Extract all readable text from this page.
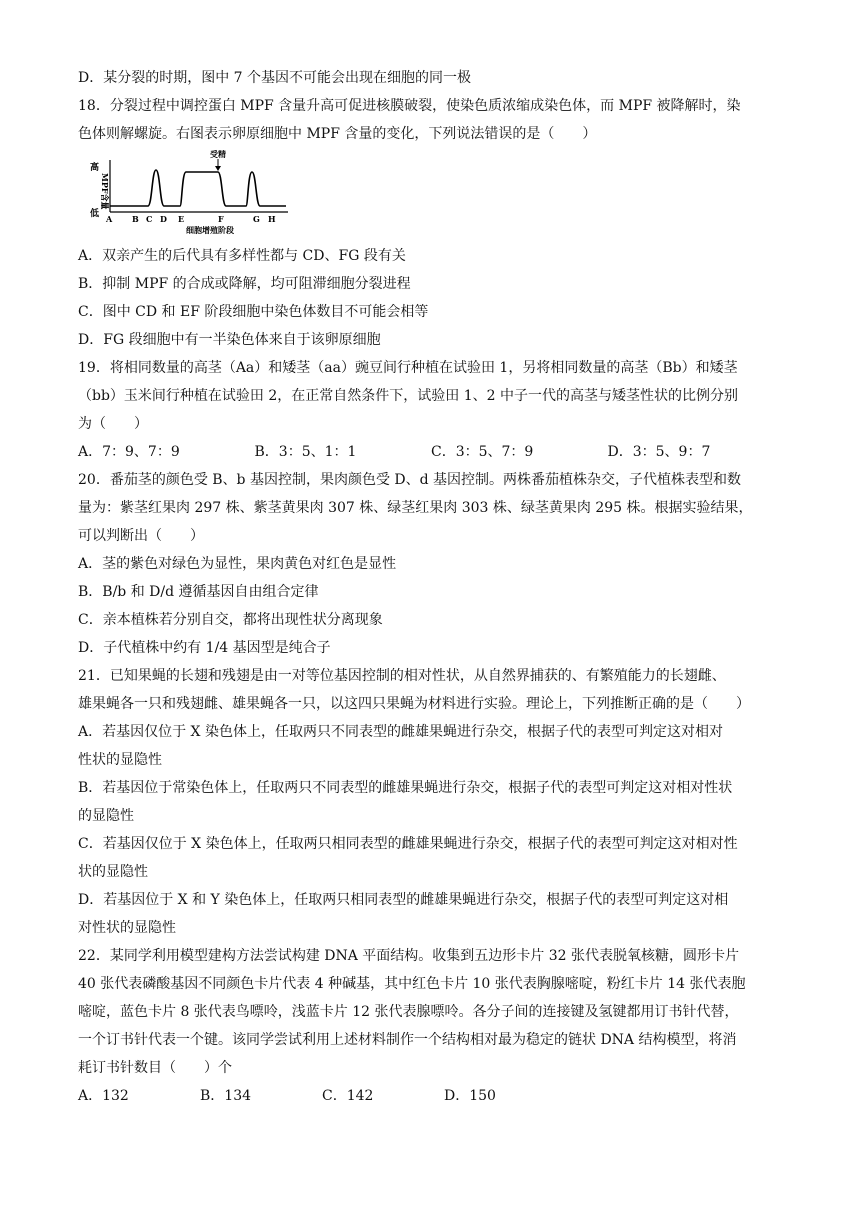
D．某分裂的时期，图中 7 个基因不可能会出现在细胞的同一极
18．分裂过程中调控蛋白 MPF 含量升高可促进核膜破裂，使染色质浓缩成染色体，而 MPF 被降解时，染
色体则解螺旋。右图表示卵原细胞中 MPF 含量的变化，下列说法错误的是（　　）
高
低
MPF含量
受精
A B C D E	F	G H
细胞增殖阶段
A．双亲产生的后代具有多样性都与 CD、FG 段有关
B．抑制 MPF 的合成或降解，均可阻滞细胞分裂进程
C．图中 CD 和 EF 阶段细胞中染色体数目不可能会相等
D．FG 段细胞中有一半染色体来自于该卵原细胞
19．将相同数量的高茎（Aa）和矮茎（aa）豌豆间行种植在试验田 1，另将相同数量的高茎（Bb）和矮茎
（bb）玉米间行种植在试验田 2，在正常自然条件下，试验田 1、2 中子一代的高茎与矮茎性状的比例分别
为（　　）
A．7：9、7：9	B．3：5、1：1	C．3：5、7：9	D．3：5、9：7
20．番茄茎的颜色受 B、b 基因控制，果肉颜色受 D、d 基因控制。两株番茄植株杂交，子代植株表型和数
量为：紫茎红果肉 297 株、紫茎黄果肉 307 株、绿茎红果肉 303 株、绿茎黄果肉 295 株。根据实验结果，
可以判断出（　　）
A．茎的紫色对绿色为显性，果肉黄色对红色是显性
B．B/b 和 D/d 遵循基因自由组合定律
C．亲本植株若分别自交，都将出现性状分离现象
D．子代植株中约有 1/4 基因型是纯合子
21．已知果蝇的长翅和残翅是由一对等位基因控制的相对性状，从自然界捕获的、有繁殖能力的长翅雌、
雄果蝇各一只和残翅雌、雄果蝇各一只，以这四只果蝇为材料进行实验。理论上，下列推断正确的是（　　）
A．若基因仅位于 X 染色体上，任取两只不同表型的雌雄果蝇进行杂交，根据子代的表型可判定这对相对
性状的显隐性
B．若基因位于常染色体上，任取两只不同表型的雌雄果蝇进行杂交，根据子代的表型可判定这对相对性状
的显隐性
C．若基因仅位于 X 染色体上，任取两只相同表型的雌雄果蝇进行杂交，根据子代的表型可判定这对相对性
状的显隐性
D．若基因位于 X 和 Y 染色体上，任取两只相同表型的雌雄果蝇进行杂交，根据子代的表型可判定这对相
对性状的显隐性
22．某同学利用模型建构方法尝试构建 DNA 平面结构。收集到五边形卡片 32 张代表脱氧核糖，圆形卡片
40 张代表磷酸基因不同颜色卡片代表 4 种碱基，其中红色卡片 10 张代表胸腺嘧啶，粉红卡片 14 张代表胞
嘧啶，蓝色卡片 8 张代表鸟嘌呤，浅蓝卡片 12 张代表腺嘌呤。各分子间的连接键及氢键都用订书针代替，
一个订书针代表一个键。该同学尝试利用上述材料制作一个结构相对最为稳定的链状 DNA 结构模型，将消
耗订书针数目（　　）个
A．132	B．134	C．142	D．150
